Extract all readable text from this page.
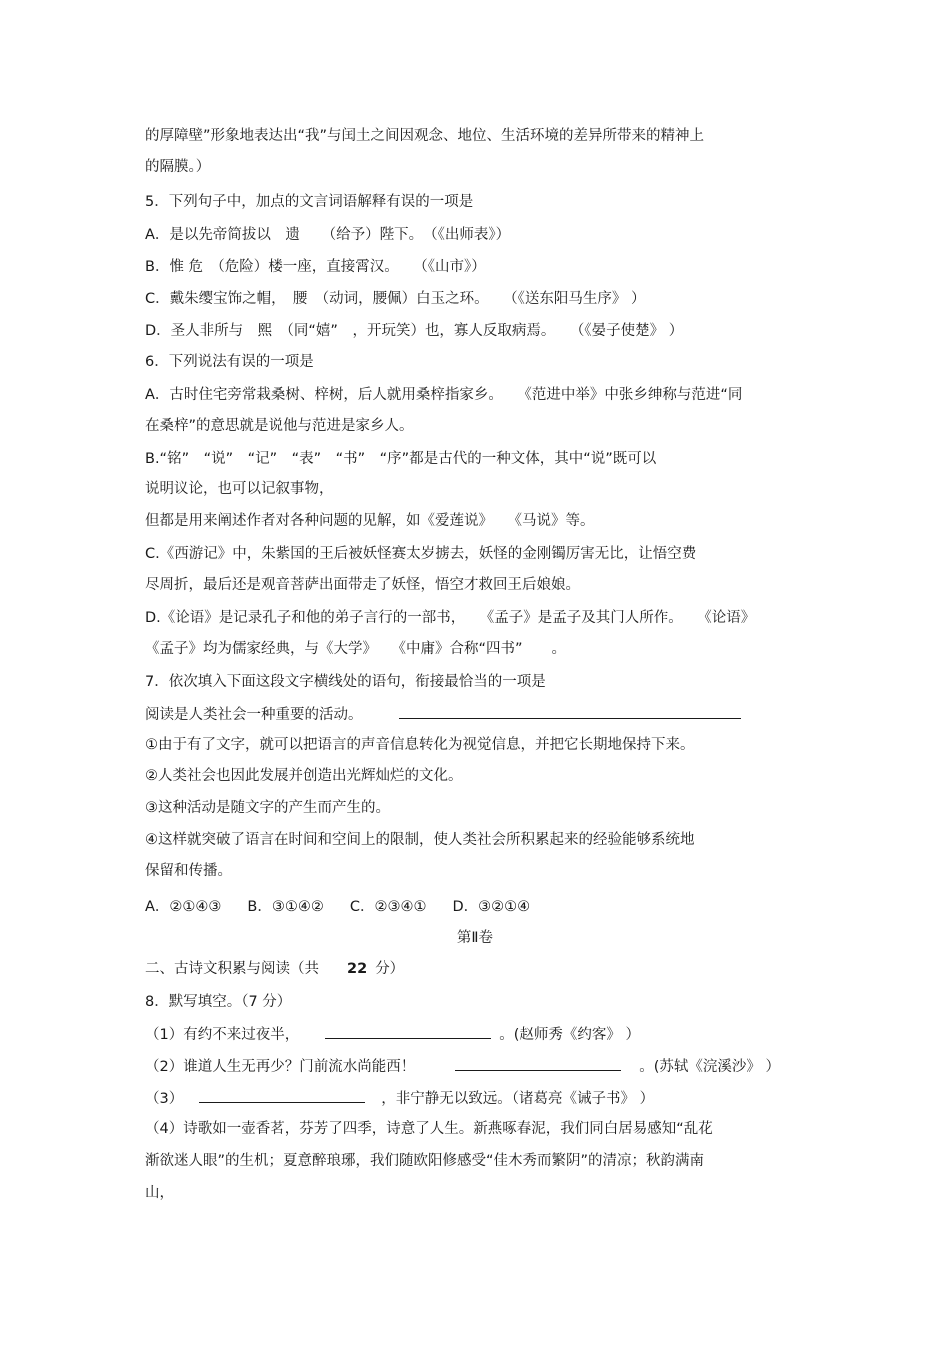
的厚障壁”形象地表达出“我”与闰土之间因观念、地位、生活环境的差异所带来的精神上
的隔膜。）
5．下列句子中，加点的文言词语解释有误的一项是
A．是以先帝简拔以　遗　　（给予）陛下。　（《出师表》）
B．惟 危　（危险）楼一座，直接霄汉。　　（《山市》）
C．戴朱缨宝饰之帽，　腰　（动词，腰佩）白玉之环。　　（《送东阳马生序》 ）
D．圣人非所与　熙　（同“嬉”　，开玩笑）也，寡人反取病焉。　　（《晏子使楚》 ）
6．下列说法有误的一项是
A．古时住宅旁常栽桑树、梓树，后人就用桑梓指家乡。　　《范进中举》中张乡绅称与范进“同
在桑梓”的意思就是说他与范进是家乡人。
B.“铭”　“说”　“记”　“表”　“书”　“序”都是古代的一种文体，其中“说”既可以
说明议论，也可以记叙事物，
但都是用来阐述作者对各种问题的见解，如《爱莲说》　　《马说》等。
C.《西游记》中，朱紫国的王后被妖怪赛太岁掳去，妖怪的金刚镯厉害无比，让悟空费
尽周折，最后还是观音菩萨出面带走了妖怪，悟空才救回王后娘娘。
D.《论语》是记录孔子和他的弟子言行的一部书，　　《孟子》是孟子及其门人所作。　　《论语》
《孟子》均为儒家经典，与《大学》　　《中庸》合称“四书”　　。
7．依次填入下面这段文字横线处的语句，衔接最恰当的一项是
阅读是人类社会一种重要的活动。
①由于有了文字，就可以把语言的声音信息转化为视觉信息，并把它长期地保持下来。
②人类社会也因此发展并创造出光辉灿烂的文化。
③这种活动是随文字的产生而产生的。
④这样就突破了语言在时间和空间上的限制，使人类社会所积累起来的经验能够系统地
保留和传播。
A．②①④③ B．③①④② C．②③④① D．③②①④
第Ⅱ卷
二、古诗文积累与阅读（共 22 分）
8．默写填空。（7 分）
（1）有约不来过夜半，	。(赵师秀《约客》 ）
（2）谁道人生无再少？门前流水尚能西！	。(苏轼《浣溪沙》 ）
（3）	，非宁静无以致远。（诸葛亮《诫子书》 ）
（4）诗歌如一壶香茗，芬芳了四季，诗意了人生。新燕啄春泥，我们同白居易感知“乱花
渐欲迷人眼”的生机；夏意醉琅琊，我们随欧阳修感受“佳木秀而繁阴”的清凉；秋韵满南
山，
